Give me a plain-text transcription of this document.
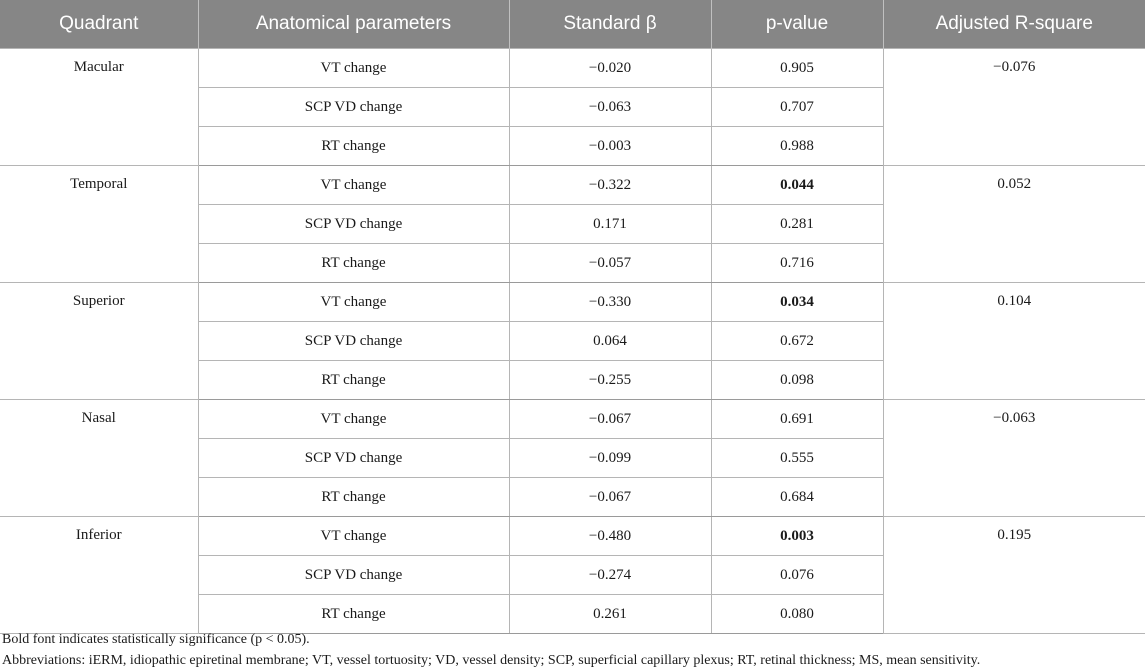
Quadrant	Anatomical parameters	Standard β	p-value	Adjusted R-square
Macular	VT change	−0.020	0.905	−0.076
	SCP VD change	−0.063	0.707	
	RT change	−0.003	0.988	
Temporal	VT change	−0.322	0.044	0.052
	SCP VD change	0.171	0.281	
	RT change	−0.057	0.716	
Superior	VT change	−0.330	0.034	0.104
	SCP VD change	0.064	0.672	
	RT change	−0.255	0.098	
Nasal	VT change	−0.067	0.691	−0.063
	SCP VD change	−0.099	0.555	
	RT change	−0.067	0.684	
Inferior	VT change	−0.480	0.003	0.195
	SCP VD change	−0.274	0.076	
	RT change	0.261	0.080	

Bold font indicates statistically significance (p < 0.05).

Abbreviations: iERM, idiopathic epiretinal membrane; VT, vessel tortuosity; VD, vessel density; SCP, superficial capillary plexus; RT, retinal thickness; MS, mean sensitivity.
